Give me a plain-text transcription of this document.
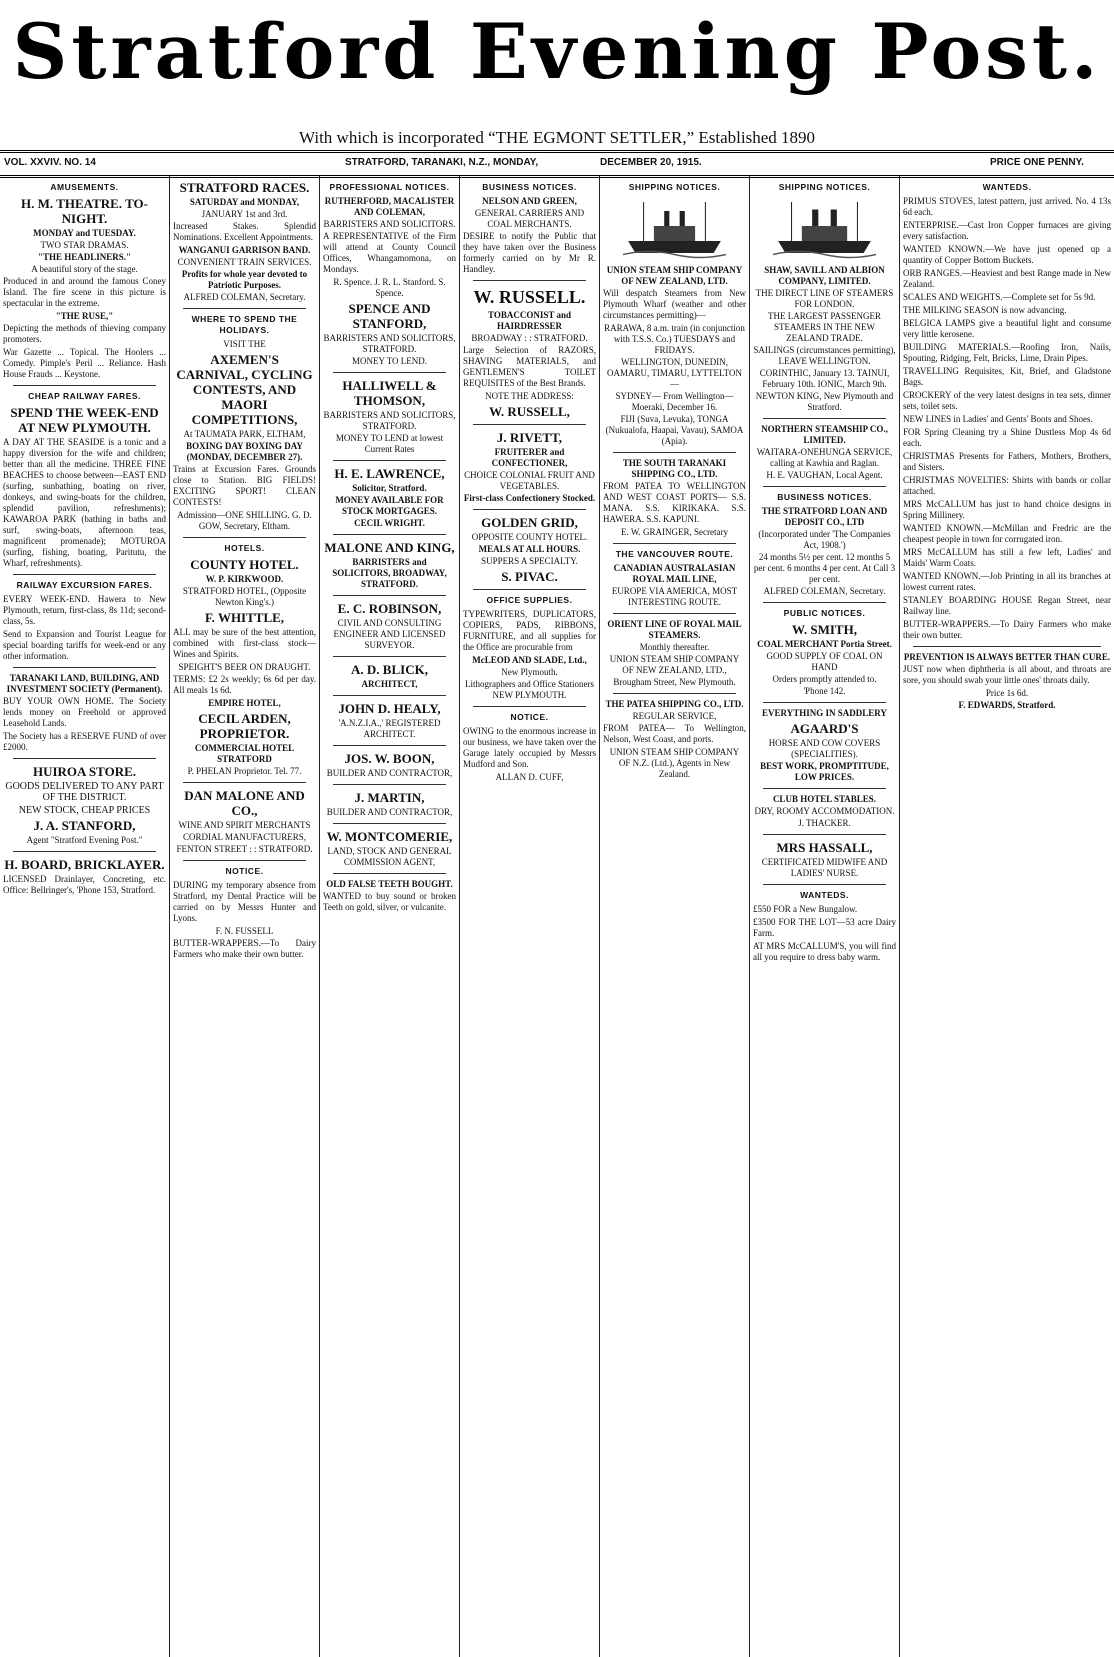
Stratford Evening Post.
With which is incorporated “THE EGMONT SETTLER,” Established 1890
VOL. XXVIV. NO. 14	STRATFORD, TARANAKI, N.Z., MONDAY,	DECEMBER 20, 1915.	PRICE ONE PENNY.
AMUSEMENTS.
H. M. THEATRE. TO-NIGHT.
MONDAY and TUESDAY.
TWO STAR DRAMAS.
"THE HEADLINERS."
A beautiful story of the stage.

Produced in and around the famous Coney Island. The fire scene in this picture is spectacular in the extreme.

"THE RUSE,"

Depicting the methods of thieving company promoters.

War Gazette ... Topical. The Hoolers ... Comedy. Pimple's Peril ... Reliance. Hash House Frauds ... Keystone.

CHEAP RAILWAY FARES.
SPEND THE WEEK-END AT NEW PLYMOUTH.

A DAY AT THE SEASIDE is a tonic and a happy diversion for the wife and children; better than all the medicine. THREE FINE BEACHES to choose between—EAST END (surfing, sunbathing, boating on river, donkeys, and swing-boats for the children, splendid pavilion, refreshments); KAWAROA PARK (bathing in baths and surf, swing-boats, afternoon teas, magnificent promenade); MOTUROA (surfing, fishing, boating, Paritutu, the Wharf, refreshments).

RAILWAY EXCURSION FARES.

EVERY WEEK-END. Hawera to New Plymouth, return, first-class, 8s 11d; second-class, 5s.

Send to Expansion and Tourist League for special boarding tariffs for week-end or any other information.

TARANAKI LAND, BUILDING, AND INVESTMENT SOCIETY (Permanent).

BUY YOUR OWN HOME. The Society lends money on Freehold or approved Leasehold Lands.

The Society has a RESERVE FUND of over £2000.

HUIROA STORE.
GOODS DELIVERED TO ANY PART OF THE DISTRICT.
NEW STOCK, CHEAP PRICES
J. A. STANFORD,
Agent "Stratford Evening Post."
H. BOARD, BRICKLAYER.

LICENSED Drainlayer, Concreting, etc. Office: Bellringer's, 'Phone 153, Stratford.

STRATFORD RACES.
SATURDAY and MONDAY,
JANUARY 1st and 3rd.

Increased Stakes. Splendid Nominations. Excellent Appointments.

WANGANUI GARRISON BAND.
CONVENIENT TRAIN SERVICES.
Profits for whole year devoted to Patriotic Purposes.
ALFRED COLEMAN, Secretary.
WHERE TO SPEND THE HOLIDAYS.
VISIT THE
AXEMEN'S CARNIVAL, CYCLING CONTESTS, AND MAORI COMPETITIONS,
At TAUMATA PARK, ELTHAM,
BOXING DAY BOXING DAY (MONDAY, DECEMBER 27).

Trains at Excursion Fares. Grounds close to Station. BIG FIELDS! EXCITING SPORT! CLEAN CONTESTS!

Admission—ONE SHILLING. G. D. GOW, Secretary, Eltham.
HOTELS.
COUNTY HOTEL.
W. P. KIRKWOOD.
STRATFORD HOTEL, (Opposite Newton King's.)
F. WHITTLE,

ALL may be sure of the best attention, combined with first-class stock—Wines and Spirits.

SPEIGHT'S BEER ON DRAUGHT.

TERMS: £2 2s weekly; 6s 6d per day. All meals 1s 6d.

EMPIRE HOTEL,
CECIL ARDEN, PROPRIETOR.
COMMERCIAL HOTEL STRATFORD
P. PHELAN Proprietor. Tel. 77.
DAN MALONE AND CO.,
WINE AND SPIRIT MERCHANTS
CORDIAL MANUFACTURERS,
FENTON STREET : : STRATFORD.
NOTICE.

DURING my temporary absence from Stratford, my Dental Practice will be carried on by Messrs Hunter and Lyons.

F. N. FUSSELL

BUTTER-WRAPPERS.—To Dairy Farmers who make their own butter.

PROFESSIONAL NOTICES.
RUTHERFORD, MACALISTER AND COLEMAN,
BARRISTERS AND SOLICITORS.

A REPRESENTATIVE of the Firm will attend at County Council Offices, Whangamomona, on Mondays.

R. Spence. J. R. L. Stanford. S. Spence.
SPENCE AND STANFORD,
BARRISTERS AND SOLICITORS, STRATFORD.
MONEY TO LEND.
HALLIWELL & THOMSON,
BARRISTERS AND SOLICITORS, STRATFORD.
MONEY TO LEND at lowest Current Rates
H. E. LAWRENCE,
Solicitor, Stratford.
MONEY AVAILABLE FOR STOCK MORTGAGES.
CECIL WRIGHT.
MALONE AND KING,
BARRISTERS and SOLICITORS, BROADWAY, STRATFORD.
E. C. ROBINSON,
CIVIL AND CONSULTING ENGINEER AND LICENSED SURVEYOR.
A. D. BLICK,
ARCHITECT,
JOHN D. HEALY,
'A.N.Z.I.A.,' REGISTERED ARCHITECT.
JOS. W. BOON,
BUILDER AND CONTRACTOR,
J. MARTIN,
BUILDER AND CONTRACTOR,
W. MONTCOMERIE,
LAND, STOCK AND GENERAL COMMISSION AGENT,
OLD FALSE TEETH BOUGHT.

WANTED to buy sound or broken Teeth on gold, silver, or vulcanite.

BUSINESS NOTICES.
NELSON AND GREEN,
GENERAL CARRIERS AND COAL MERCHANTS.

DESIRE to notify the Public that they have taken over the Business formerly carried on by Mr R. Handley.

W. RUSSELL.
TOBACCONIST and HAIRDRESSER
BROADWAY : : STRATFORD.

Large Selection of RAZORS, SHAVING MATERIALS, and GENTLEMEN'S TOILET REQUISITES of the Best Brands.

NOTE THE ADDRESS:
W. RUSSELL,
J. RIVETT,
FRUITERER and CONFECTIONER,
CHOICE COLONIAL FRUIT AND VEGETABLES.
First-class Confectionery Stocked.
GOLDEN GRID,
OPPOSITE COUNTY HOTEL.
MEALS AT ALL HOURS.
SUPPERS A SPECIALTY.
S. PIVAC.
OFFICE SUPPLIES.

TYPEWRITERS, DUPLICATORS, COPIERS, PADS, RIBBONS, FURNITURE, and all supplies for the Office are procurable from

McLEOD AND SLADE, Ltd.,
New Plymouth.
Lithographers and Office Stationers NEW PLYMOUTH.
NOTICE.

OWING to the enormous increase in our business, we have taken over the Garage lately occupied by Messrs Mudford and Son.

ALLAN D. CUFF,
SHIPPING NOTICES.
UNION STEAM SHIP COMPANY OF NEW ZEALAND, LTD.

Will despatch Steamers from New Plymouth Wharf (weather and other circumstances permitting)—

RARAWA, 8 a.m. train (in conjunction with T.S.S. Co.) TUESDAYS and FRIDAYS.
WELLINGTON, DUNEDIN, OAMARU, TIMARU, LYTTELTON—
SYDNEY— From Wellington—Moeraki, December 16.
FIJI (Suva, Levuka), TONGA (Nukualofa, Haapai, Vavau), SAMOA (Apia).
THE SOUTH TARANAKI SHIPPING CO., LTD.

FROM PATEA TO WELLINGTON AND WEST COAST PORTS— S.S. MANA. S.S. KIRIKAKA. S.S. HAWERA. S.S. KAPUNI.

E. W. GRAINGER, Secretary
THE VANCOUVER ROUTE.
CANADIAN AUSTRALASIAN ROYAL MAIL LINE,
EUROPE VIA AMERICA, MOST INTERESTING ROUTE.
ORIENT LINE OF ROYAL MAIL STEAMERS.
Monthly thereafter.
UNION STEAM SHIP COMPANY OF NEW ZEALAND, LTD.,
Brougham Street, New Plymouth.
THE PATEA SHIPPING CO., LTD.
REGULAR SERVICE,

FROM PATEA— To Wellington, Nelson, West Coast, and ports.

UNION STEAM SHIP COMPANY OF N.Z. (Ltd.), Agents in New Zealand.
SHIPPING NOTICES.
SHAW, SAVILL AND ALBION COMPANY, LIMITED.
THE DIRECT LINE OF STEAMERS FOR LONDON.
THE LARGEST PASSENGER STEAMERS IN THE NEW ZEALAND TRADE.
SAILINGS (circumstances permitting), LEAVE WELLINGTON.
CORINTHIC, January 13. TAINUI, February 10th. IONIC, March 9th.
NEWTON KING, New Plymouth and Stratford.
NORTHERN STEAMSHIP CO., LIMITED.
WAITARA-ONEHUNGA SERVICE, calling at Kawhia and Raglan.
H. E. VAUGHAN, Local Agent.
BUSINESS NOTICES.
THE STRATFORD LOAN AND DEPOSIT CO., LTD
(Incorporated under 'The Companies Act, 1908.')
24 months 5½ per cent. 12 months 5 per cent. 6 months 4 per cent. At Call 3 per cent.
ALFRED COLEMAN, Secretary.
PUBLIC NOTICES.
W. SMITH,
COAL MERCHANT Portia Street.
GOOD SUPPLY OF COAL ON HAND
Orders promptly attended to.
'Phone 142.
EVERYTHING IN SADDLERY
AGAARD'S
HORSE AND COW COVERS (SPECIALITIES).
BEST WORK, PROMPTITUDE, LOW PRICES.
CLUB HOTEL STABLES.
DRY, ROOMY ACCOMMODATION.
J. THACKER.
MRS HASSALL,
CERTIFICATED MIDWIFE AND LADIES' NURSE.
WANTEDS.

£550 FOR a New Bungalow.

£3500 FOR THE LOT—53 acre Dairy Farm.

AT MRS McCALLUM'S, you will find all you require to dress baby warm.

WANTEDS.

PRIMUS STOVES, latest pattern, just arrived. No. 4 13s 6d each.

ENTERPRISE.—Cast Iron Copper furnaces are giving every satisfaction.

WANTED KNOWN.—We have just opened up a quantity of Copper Bottom Buckets.

ORB RANGES.—Heaviest and best Range made in New Zealand.

SCALES AND WEIGHTS.—Complete set for 5s 9d.

THE MILKING SEASON is now advancing.

BELGICA LAMPS give a beautiful light and consume very little kerosene.

BUILDING MATERIALS.—Roofing Iron, Nails, Spouting, Ridging, Felt, Bricks, Lime, Drain Pipes.

TRAVELLING Requisites, Kit, Brief, and Gladstone Bags.

CROCKERY of the very latest designs in tea sets, dinner sets, toilet sets.

NEW LINES in Ladies' and Gents' Boots and Shoes.

FOR Spring Cleaning try a Shine Dustless Mop 4s 6d each.

CHRISTMAS Presents for Fathers, Mothers, Brothers, and Sisters.

CHRISTMAS NOVELTIES: Shirts with bands or collar attached.

MRS McCALLUM has just to hand choice designs in Spring Millinery.

WANTED KNOWN.—McMillan and Fredric are the cheapest people in town for corrugated iron.

MRS McCALLUM has still a few left, Ladies' and Maids' Warm Coats.

WANTED KNOWN.—Job Printing in all its branches at lowest current rates.

STANLEY BOARDING HOUSE Regan Street, near Railway line.

BUTTER-WRAPPERS.—To Dairy Farmers who make their own butter.

PREVENTION IS ALWAYS BETTER THAN CURE.

JUST now when diphtheria is all about, and throats are sore, you should swab your little ones' throats daily.

Price 1s 6d.
F. EDWARDS, Stratford.
